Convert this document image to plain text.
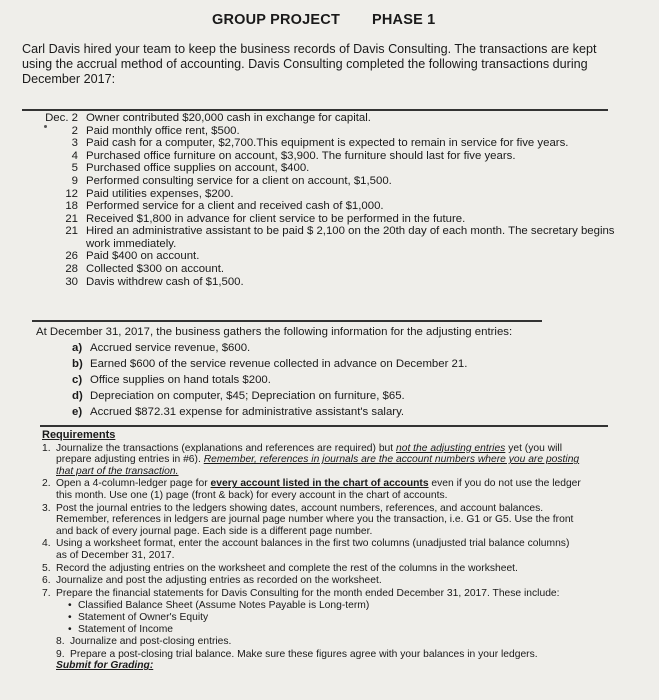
GROUP PROJECT PHASE 1
Carl Davis hired your team to keep the business records of Davis Consulting. The transactions are kept using the accrual method of accounting. Davis Consulting completed the following transactions during December 2017:
Dec. 2 Owner contributed $20,000 cash in exchange for capital.
2 Paid monthly office rent, $500.
3 Paid cash for a computer, $2,700.This equipment is expected to remain in service for five years.
4 Purchased office furniture on account, $3,900. The furniture should last for five years.
5 Purchased office supplies on account, $400.
9 Performed consulting service for a client on account, $1,500.
12 Paid utilities expenses, $200.
18 Performed service for a client and received cash of $1,000.
21 Received $1,800 in advance for client service to be performed in the future.
21 Hired an administrative assistant to be paid $ 2,100 on the 20th day of each month. The secretary begins work immediately.
26 Paid $400 on account.
28 Collected $300 on account.
30 Davis withdrew cash of $1,500.
At December 31, 2017, the business gathers the following information for the adjusting entries:
a) Accrued service revenue, $600.
b) Earned $600 of the service revenue collected in advance on December 21.
c) Office supplies on hand totals $200.
d) Depreciation on computer, $45; Depreciation on furniture, $65.
e) Accrued $872.31 expense for administrative assistant's salary.
Requirements
1. Journalize the transactions (explanations and references are required) but not the adjusting entries yet (you will prepare adjusting entries in #6). Remember, references in journals are the account numbers where you are posting that part of the transaction.
2. Open a 4-column-ledger page for every account listed in the chart of accounts even if you do not use the ledger this month. Use one (1) page (front & back) for every account in the chart of accounts.
3. Post the journal entries to the ledgers showing dates, account numbers, references, and account balances. Remember, references in ledgers are journal page number where you the transaction, i.e. G1 or G5. Use the front and back of every journal page. Each side is a different page number.
4. Using a worksheet format, enter the account balances in the first two columns (unadjusted trial balance columns) as of December 31, 2017.
5. Record the adjusting entries on the worksheet and complete the rest of the columns in the worksheet.
6. Journalize and post the adjusting entries as recorded on the worksheet.
7. Prepare the financial statements for Davis Consulting for the month ended December 31, 2017. These include:
• Classified Balance Sheet (Assume Notes Payable is Long-term)
• Statement of Owner's Equity
• Statement of Income
8. Journalize and post-closing entries.
9. Prepare a post-closing trial balance. Make sure these figures agree with your balances in your ledgers.
Submit for Grading:
